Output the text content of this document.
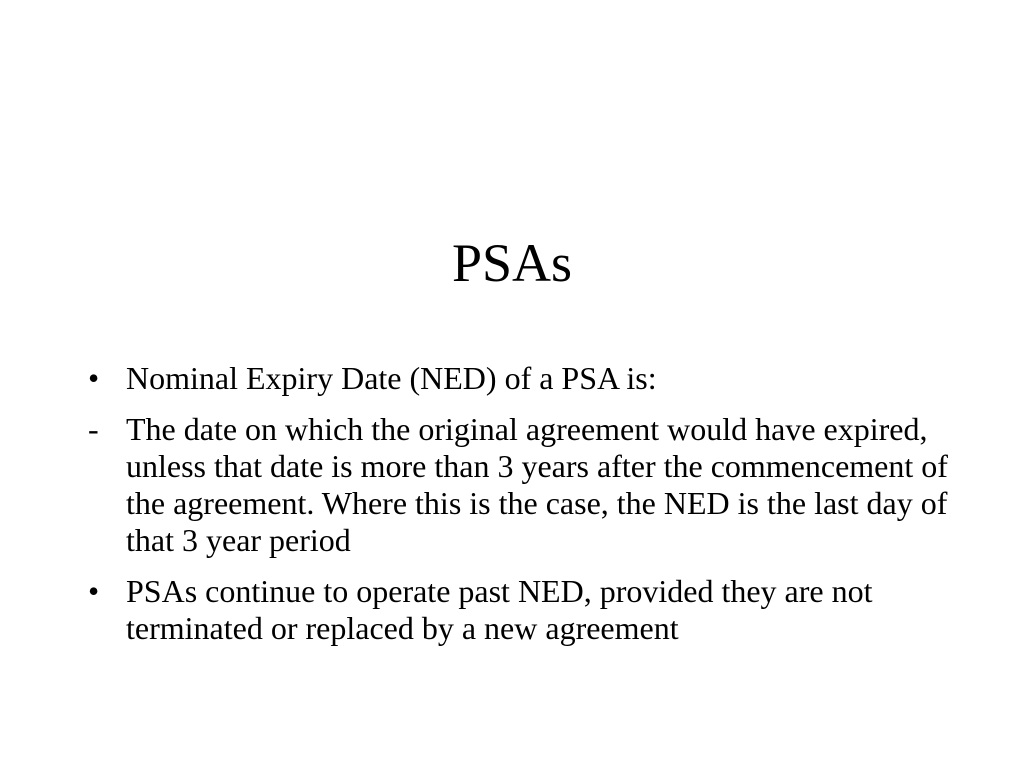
PSAs
• Nominal Expiry Date (NED) of a PSA is:
- The date on which the original agreement would have expired, unless that date is more than 3 years after the commencement of the agreement. Where this is the case, the NED is the last day of that 3 year period
• PSAs continue to operate past NED, provided they are not terminated or replaced by a new agreement
